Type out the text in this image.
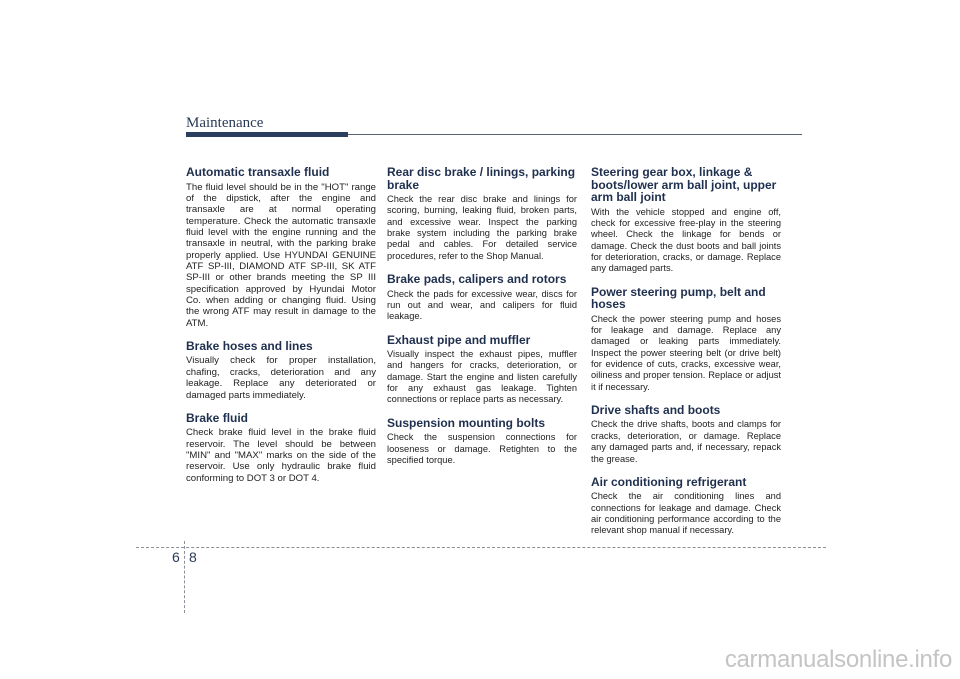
Maintenance
Automatic transaxle fluid

The fluid level should be in the "HOT" range of the dipstick, after the engine and transaxle are at normal operating temperature. Check the automatic transaxle fluid level with the engine running and the transaxle in neutral, with the parking brake properly applied. Use HYUNDAI GENUINE ATF SP-III, DIAMOND ATF SP-III, SK ATF SP-III or other brands meeting the SP III specification approved by Hyundai Motor Co. when adding or changing fluid. Using the wrong ATF may result in damage to the ATM.

Brake hoses and lines

Visually check for proper installation, chafing, cracks, deterioration and any leakage. Replace any deteriorated or damaged parts immediately.

Brake fluid

Check brake fluid level in the brake fluid reservoir. The level should be between "MIN" and "MAX" marks on the side of the reservoir. Use only hydraulic brake fluid conforming to DOT 3 or DOT 4.

Rear disc brake / linings, parking brake

Check the rear disc brake and linings for scoring, burning, leaking fluid, broken parts, and excessive wear. Inspect the parking brake system including the parking brake pedal and cables. For detailed service procedures, refer to the Shop Manual.

Brake pads, calipers and rotors

Check the pads for excessive wear, discs for run out and wear, and calipers for fluid leakage.

Exhaust pipe and muffler

Visually inspect the exhaust pipes, muffler and hangers for cracks, deterioration, or damage. Start the engine and listen carefully for any exhaust gas leakage. Tighten connections or replace parts as necessary.

Suspension mounting bolts

Check the suspension connections for looseness or damage. Retighten to the specified torque.

Steering gear box, linkage & boots/lower arm ball joint, upper arm ball joint

With the vehicle stopped and engine off, check for excessive free-play in the steering wheel. Check the linkage for bends or damage. Check the dust boots and ball joints for deterioration, cracks, or damage. Replace any damaged parts.

Power steering pump, belt and hoses

Check the power steering pump and hoses for leakage and damage. Replace any damaged or leaking parts immediately. Inspect the power steering belt (or drive belt) for evidence of cuts, cracks, excessive wear, oiliness and proper tension. Replace or adjust it if necessary.

Drive shafts and boots

Check the drive shafts, boots and clamps for cracks, deterioration, or damage. Replace any damaged parts and, if necessary, repack the grease.

Air conditioning refrigerant

Check the air conditioning lines and connections for leakage and damage. Check air conditioning performance according to the relevant shop manual if necessary.

6 8
carmanualsonline.info
